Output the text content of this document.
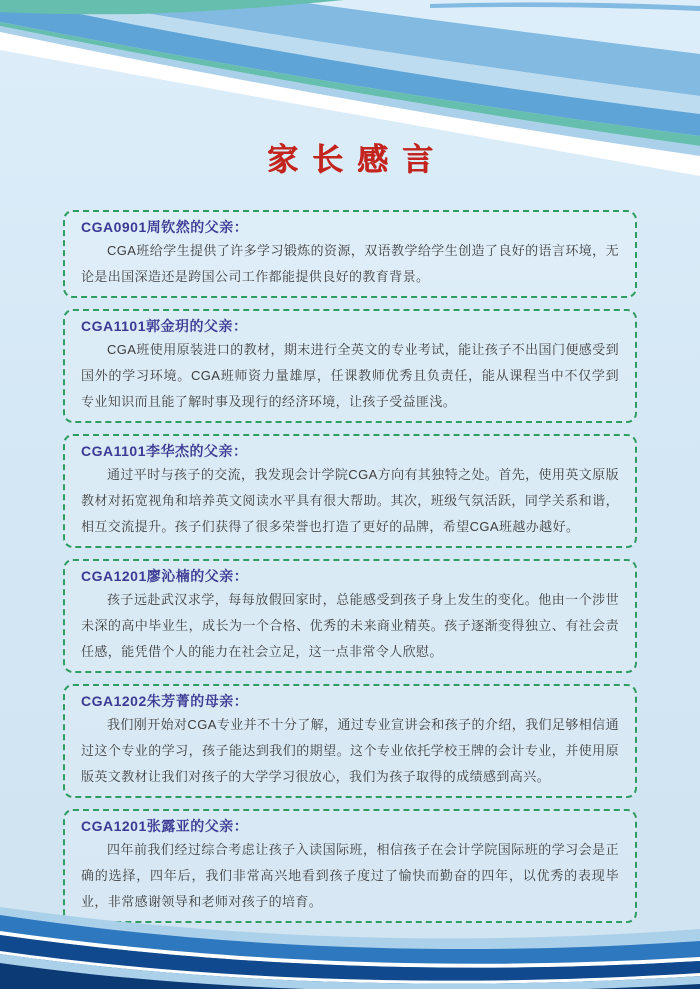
家长感言
CGA0901周钦然的父亲：

CGA班给学生提供了许多学习锻炼的资源，双语教学给学生创造了良好的语言环境，无论是出国深造还是跨国公司工作都能提供良好的教育背景。

CGA1101郭金玥的父亲：

CGA班使用原装进口的教材，期末进行全英文的专业考试，能让孩子不出国门便感受到国外的学习环境。CGA班师资力量雄厚，任课教师优秀且负责任，能从课程当中不仅学到专业知识而且能了解时事及现行的经济环境，让孩子受益匪浅。

CGA1101李华杰的父亲：

通过平时与孩子的交流，我发现会计学院CGA方向有其独特之处。首先，使用英文原版教材对拓宽视角和培养英文阅读水平具有很大帮助。其次，班级气氛活跃，同学关系和谐，相互交流提升。孩子们获得了很多荣誉也打造了更好的品牌，希望CGA班越办越好。

CGA1201廖沁楠的父亲：

孩子远赴武汉求学，每每放假回家时，总能感受到孩子身上发生的变化。他由一个涉世未深的高中毕业生，成长为一个合格、优秀的未来商业精英。孩子逐渐变得独立、有社会责任感，能凭借个人的能力在社会立足，这一点非常令人欣慰。

CGA1202朱芳菁的母亲：

我们刚开始对CGA专业并不十分了解，通过专业宣讲会和孩子的介绍，我们足够相信通过这个专业的学习，孩子能达到我们的期望。这个专业依托学校王牌的会计专业，并使用原版英文教材让我们对孩子的大学学习很放心，我们为孩子取得的成绩感到高兴。

CGA1201张露亚的父亲：

四年前我们经过综合考虑让孩子入读国际班，相信孩子在会计学院国际班的学习会是正确的选择，四年后，我们非常高兴地看到孩子度过了愉快而勤奋的四年，以优秀的表现毕业，非常感谢领导和老师对孩子的培育。
